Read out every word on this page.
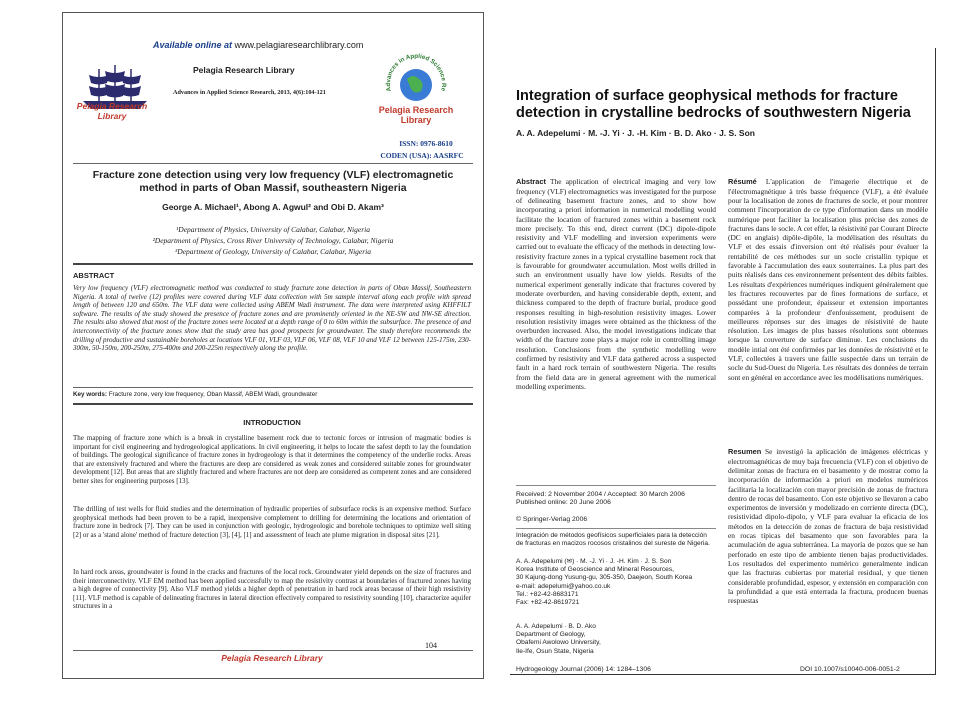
Available online at www.pelagiaresearchlibrary.com
Pelagia Research Library
Pelagia Research Library
Advances in Applied Science Research, 2013, 4(6):104-121	Advances in Applied Science Re
Pelagia Research Library
ISSN: 0976-8610
CODEN (USA): AASRFC
Fracture zone detection using very low frequency (VLF) electromagnetic method in parts of Oban Massif, southeastern Nigeria
George A. Michael¹, Abong A. Agwul² and Obi D. Akam³
¹Department of Physics, University of Calabar, Calabar, Nigeria
²Department of Physics, Cross River University of Technology, Calabar, Nigeria
³Department of Geology, University of Calabar, Calabar, Nigeria
ABSTRACT

Very low frequency (VLF) electromagnetic method was conducted to study fracture zone detection in parts of Oban Massif, Southeastern Nigeria. A total of twelve (12) profiles were covered during VLF data collection with 5m sample interval along each profile with spread length of between 120 and 650m. The VLF data were collected using ABEM Wadi instrument. The data were interpreted using KHFFILT software. The results of the study showed the presence of fracture zones and are prominently oriented in the NE-SW and NW-SE direction. The results also showed that most of the fracture zones were located at a depth range of 0 to 60m within the subsurface. The presence of and interconnectivity of the fracture zones show that the study area has good prospects for groundwater. The study therefore recommends the drilling of productive and sustainable boreholes at locations VLF 01, VLF 03, VLF 06, VLF 08, VLF 10 and VLF 12 between 125-175m, 230-300m, 50-150m, 200-250m, 275-400m and 200-225m respectively along the profile.

Key words: Fracture zone, very low frequency, Oban Massif, ABEM Wadi, groundwater
INTRODUCTION

The mapping of fracture zone which is a break in crystalline basement rock due to tectonic forces or intrusion of magmatic bodies is important for civil engineering and hydrogeological applications. In civil engineering, it helps to locate the safest depth to lay the foundation of buildings. The geological significance of fracture zones in hydrogeology is that it determines the competency of the underlie rocks. Areas that are extensively fractured and where the fractures are deep are considered as weak zones and considered suitable zones for groundwater development [12]. But areas that are slightly fractured and where fractures are not deep are considered as competent zones and are considered better sites for engineering purposes [13].

The drilling of test wells for fluid studies and the determination of hydraulic properties of subsurface rocks is an expensive method. Surface geophysical methods had been proven to be a rapid, inexpensive complement to drilling for determining the locations and orientation of fracture zone in bedrock [7]. They can be used in conjunction with geologic, hydrogeologic and borehole techniques to optimize well siting [2] or as a 'stand alone' method of fracture detection [3], [4], [1] and assessment of leach ate plume migration in disposal sites [21].

In hard rock areas, groundwater is found in the cracks and fractures of the local rock. Groundwater yield depends on the size of fractures and their interconnectivity. VLF EM method has been applied successfully to map the resistivity contrast at boundaries of fractured zones having a high degree of connectivity [9]. Also VLF method yields a higher depth of penetration in hard rock areas because of their high resistivity [11]. VLF method is capable of delineating fractures in lateral direction effectively compared to resistivity sounding [10], characterize aquifer structures in a

104
Pelagia Research Library
Integration of surface geophysical methods for fracture detection in crystalline bedrocks of southwestern Nigeria
A. A. Adepelumi · M. -J. Yi · J. -H. Kim · B. D. Ako · J. S. Son

Abstract The application of electrical imaging and very low frequency (VLF) electromagnetics was investigated for the purpose of delineating basement fracture zones, and to show how incorporating a priori information in numerical modelling would facilitate the location of fractured zones within a basement rock more precisely. To this end, direct current (DC) dipole-dipole resistivity and VLF modelling and inversion experiments were carried out to evaluate the efficacy of the methods in detecting low-resistivity fracture zones in a typical crystalline basement rock that is favourable for groundwater accumulation. Most wells drilled in such an environment usually have low yields. Results of the numerical experiment generally indicate that fractures covered by moderate overburden, and having considerable depth, extent, and thickness compared to the depth of fracture burial, produce good responses resulting in high-resolution resistivity images. Lower resolution resistivity images were obtained as the thickness of the overburden increased. Also, the model investigations indicate that width of the fracture zone plays a major role in controlling image resolution. Conclusions from the synthetic modelling were confirmed by resistivity and VLF data gathered across a suspected fault in a hard rock terrain of southwestern Nigeria. The results from the field data are in general agreement with the numerical modelling experiments.

Résumé L'application de l'imagerie électrique et de l'électromagnétique à très basse fréquence (VLF), a été évaluée pour la localisation de zones de fractures de socle, et pour montrer comment l'incorporation de ce type d'information dans un modèle numérique peut faciliter la localisation plus précise des zones de fractures dans le socle. A cet effet, la résistivité par Courant Directe (DC en anglais) dipôle-dipôle, la modélisation des résultats du VLF et des essais d'inversion ont été réalisés pour évaluer la rentabilité de ces méthodes sur un socle cristallin typique et favorable à l'accumulation des eaux souterraines. La plus part des puits réalisés dans ces environnement présentent des débits faibles. Les résultats d'expériences numériques indiquent généralement que les fractures recouvertes par de fines formations de surface, et possédant une profondeur, épaisseur et extension importantes comparées à la profondeur d'enfouissement, produisent de meilleures réponses sur des images de résistivité de haute résolution. Les images de plus basses résolutions sont obtenues lorsque la couverture de surface diminue. Les conclusions du modèle intial ont été confirmées par les données de résistivité et le VLF, collectées à travers une faille suspectée dans un terrain de socle du Sud-Ouest du Nigeria. Les résultats des données de terrain sont en général en accordance avec les modélisations numériques.

Resumen Se investigó la aplicación de imágenes eléctricas y electromagnéticas de muy baja frecuencia (VLF) con el objetivo de delimitar zonas de fractura en el basamento y de mostrar como la incorporación de información a priori en modelos numéricos facilitaría la localización con mayor precisión de zonas de fractura dentro de rocas del basamento. Con este objetivo se llevaron a cabo experimentos de inversión y modelizado en corriente directa (DC), resistividad dipolo-dipolo, y VLF para evaluar la eficacia de los métodos en la detección de zonas de fractura de baja resistividad en rocas típicas del basamento que son favorables para la acumulación de agua subterránea. La mayoría de pozos que se han perforado en este tipo de ambiente tienen bajas productividades. Los resultados del experimento numérico generalmente indican que las fracturas cubiertas por material residual, y que tienen considerable profundidad, espesor, y extensión en comparación con la profundidad a que está enterrada la fractura, producen buenas respuestas

Received: 2 November 2004 / Accepted: 30 March 2006
Published online: 20 June 2006
© Springer-Verlag 2006
Integración de métodos geofísicos superficiales para la detección de fracturas en macizos rocosos cristalinos del sureste de Nigeria.
A. A. Adepelumi (✉) · M. -J. Yi · J. -H. Kim · J. S. Son
Korea Institute of Geoscience and Mineral Resources,
30 Kajung-dong Yusung-gu, 305-350, Daejeon, South Korea
e-mail: adepelumi@yahoo.co.uk
Tel.: +82-42-8683171
Fax: +82-42-8619721
A. A. Adepelumi · B. D. Ako
Department of Geology,
Obafemi Awolowo University,
Ile-Ife, Osun State, Nigeria
Hydrogeology Journal (2006) 14: 1284–1306	DOI 10.1007/s10040-006-0051-2
